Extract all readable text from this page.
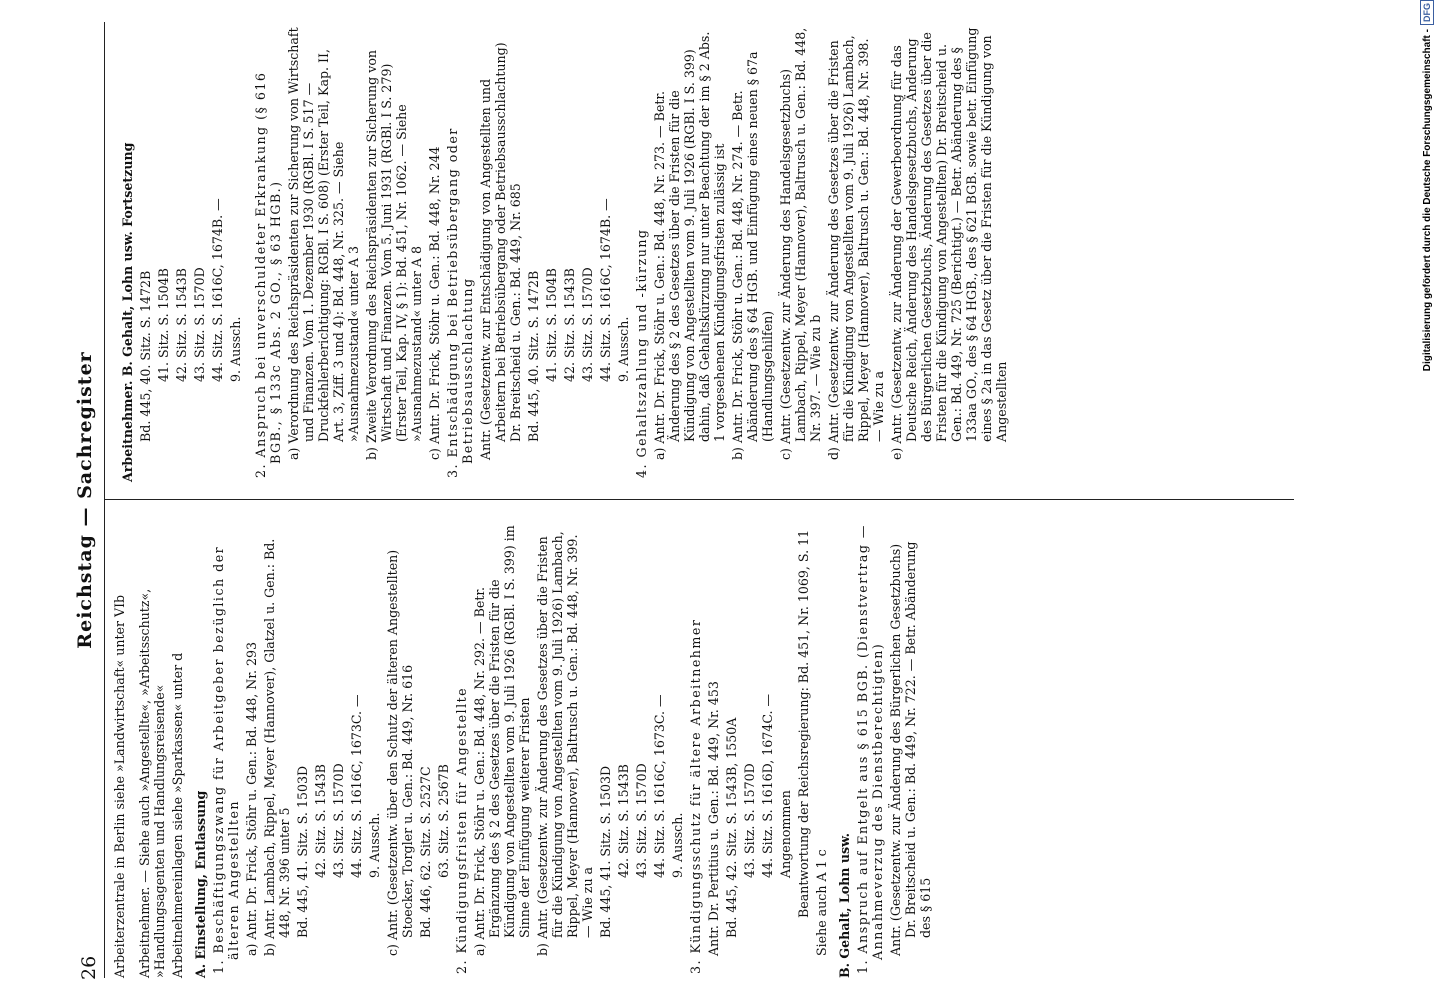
26
Reichstag — Sachregister
Arbeiterzentrale in Berlin siehe »Landwirtschaft« unter VIb Arbeitnehmer. — Siehe auch »Angestellte«, »Arbeitsschutz«, »Handlungsagenten und Handlungsreisende« Arbeitnehmereinlagen siehe »Sparkassen« unter d A. Einstellung, Entlassung 1. Beschäftigungszwang für Arbeitgeber bezüglich der älteren Angestellten a) Antr. Dr. Frick, Stöhr u. Gen.: Bd. 448, Nr. 293 b) Antr. Lambach, Rippel, Meyer (Hannover), Glatzel u. Gen.: Bd. 448, Nr. 396 unter 5 Bd. 445, 41. Sitz. S. 1503D 42. Sitz. S. 1543B 43. Sitz. S. 1570D 44. Sitz. S. 1616C, 1673C. — 9. Aussch. c) Antr. (Gesetzentw. über den Schutz der älteren Angestellten) Stoecker, Torgler u. Gen.: Bd. 449, Nr. 616 Bd. 446, 62. Sitz. S. 2527C 63. Sitz. S. 2567B 2. Kündigungsfristen für Angestellte a) Antr. Dr. Frick, Stöhr u. Gen.: Bd. 448, Nr. 292. — Betr. Ergänzung des § 2 des Gesetzes über die Fristen für die Kündigung von Angestellten vom 9. Juli 1926 (RGBl. I S. 399) im Sinne der Einfügung weiterer Fristen b) Antr. (Gesetzentw. zur Änderung des Gesetzes über die Fristen für die Kündigung von Angestellten vom 9. Juli 1926) Lambach, Rippel, Meyer (Hannover), Baltrusch u. Gen.: Bd. 448, Nr. 399. — Wie zu a Bd. 445, 41. Sitz. S. 1503D 42. Sitz. S. 1543B 43. Sitz. S. 1570D 44. Sitz. S. 1616C, 1673C. — 9. Aussch. 3. Kündigungsschutz für ältere Arbeitnehmer Antr. Dr. Pertitius u. Gen.: Bd. 449, Nr. 453 Bd. 445, 42. Sitz. S. 1543B, 1550A 43. Sitz. S. 1570D 44. Sitz. S. 1616D, 1674C. — Angenommen Beantwortung der Reichsregierung: Bd. 451, Nr. 1069, S. 11 Siehe auch A 1 c B. Gehalt, Lohn usw. 1. Anspruch auf Entgelt aus § 615 BGB. (Dienstvertrag — Annahmeverzug des Dienstberechtigten) Antr. (Gesetzentw. zur Änderung des Bürgerlichen Gesetzbuchs) Dr. Breitscheid u. Gen.: Bd. 449, Nr. 722. — Betr. Abänderung des § 615
Arbeitnehmer. B. Gehalt, Lohn usw. Fortsetzung Bd. 445, 40. Sitz. S. 1472B 41. Sitz. S. 1504B 42. Sitz. S. 1543B 43. Sitz. S. 1570D 44. Sitz. S. 1616C, 1674B. — 9. Aussch. 2. Anspruch bei unverschuldeter Erkrankung (§ 616 BGB., § 133c Abs. 2 GO., § 63 HGB.) a) Verordnung des Reichspräsidenten zur Sicherung von Wirtschaft und Finanzen. Vom 1. Dezember 1930 (RGBl. I S. 517 — Druckfehlerberichtigung: RGBl. I S. 608) (Erster Teil, Kap. II, Art. 3, Ziff. 3 und 4): Bd. 448, Nr. 325. — Siehe »Ausnahmezustand« unter A 3 b) Zweite Verordnung des Reichspräsidenten zur Sicherung von Wirtschaft und Finanzen. Vom 5. Juni 1931 (RGBl. I S. 279) (Erster Teil, Kap. IV, § 1): Bd. 451, Nr. 1062. — Siehe »Ausnahmezustand« unter A 8 c) Antr. Dr. Frick, Stöhr u. Gen.: Bd. 448, Nr. 244 3. Entschädigung bei Betriebsübergang oder Betriebsausschlachtung Antr. (Gesetzentw. zur Entschädigung von Angestellten und Arbeitern bei Betriebsübergang oder Betriebsausschlachtung) Dr. Breitscheid u. Gen.: Bd. 449, Nr. 685 Bd. 445, 40. Sitz. S. 1472B 41. Sitz. S. 1504B 42. Sitz. S. 1543B 43. Sitz. S. 1570D 44. Sitz. S. 1616C, 1674B. — 9. Aussch. 4. Gehaltszahlung und -kürzung a) Antr. Dr. Frick, Stöhr u. Gen.: Bd. 448, Nr. 273. — Betr. Änderung des § 2 des Gesetzes über die Fristen für die Kündigung von Angestellten vom 9. Juli 1926 (RGBl. I S. 399) dahin, daß Gehaltskürzung nur unter Beachtung der im § 2 Abs. 1 vorgesehenen Kündigungsfristen zulässig ist b) Antr. Dr. Frick, Stöhr u. Gen.: Bd. 448, Nr. 274. — Betr. Abänderung des § 64 HGB. und Einfügung eines neuen § 67a (Handlungsgehilfen) c) Antr. (Gesetzentw. zur Änderung des Handelsgesetzbuchs) Lambach, Rippel, Meyer (Hannover), Baltrusch u. Gen.: Bd. 448, Nr. 397. — Wie zu b d) Antr. (Gesetzentw. zur Änderung des Gesetzes über die Fristen für die Kündigung von Angestellten vom 9. Juli 1926) Lambach, Rippel, Meyer (Hannover), Baltrusch u. Gen.: Bd. 448, Nr. 398. — Wie zu a e) Antr. (Gesetzentw. zur Änderung der Gewerbeordnung für das Deutsche Reich, Änderung des Handelsgesetzbuchs, Änderung des Bürgerlichen Gesetzbuchs, Änderung des Gesetzes über die Fristen für die Kündigung von Angestellten) Dr. Breitscheid u. Gen.: Bd. 449, Nr. 725 (Berichtigt.) — Betr. Abänderung des § 133aa GO., des § 64 HGB., des § 621 BGB. sowie betr. Einfügung eines § 2a in das Gesetz über die Fristen für die Kündigung von Angestellten
Digitalisierung gefördert durch die Deutsche Forschungsgemeinschaft -DFG
